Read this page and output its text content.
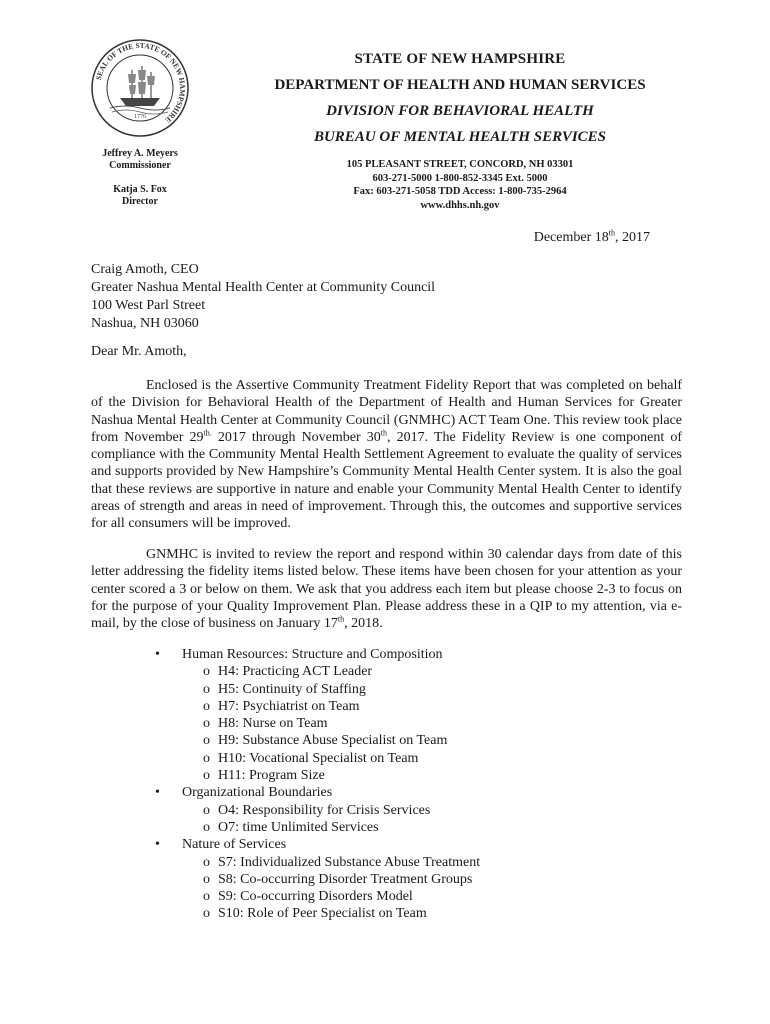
SEAL OF THE STATE OF NEW HAMPSHIRE
1776
Jeffrey A. Meyers
Commissioner
Katja S. Fox
Director
STATE OF NEW HAMPSHIRE
DEPARTMENT OF HEALTH AND HUMAN SERVICES
DIVISION FOR BEHAVIORAL HEALTH
BUREAU OF MENTAL HEALTH SERVICES
105 PLEASANT STREET, CONCORD, NH 03301
603-271-5000 1-800-852-3345 Ext. 5000
Fax: 603-271-5058 TDD Access: 1-800-735-2964
www.dhhs.nh.gov
December 18th, 2017
Craig Amoth, CEO
Greater Nashua Mental Health Center at Community Council
100 West Parl Street
Nashua, NH 03060
Dear Mr. Amoth,
Enclosed is the Assertive Community Treatment Fidelity Report that was completed on behalf of the Division for Behavioral Health of the Department of Health and Human Services for Greater Nashua Mental Health Center at Community Council (GNMHC) ACT Team One. This review took place from November $29^{th.}$ 2017 through November 30th, 2017. The Fidelity Review is one component of compliance with the Community Mental Health Settlement Agreement to evaluate the quality of services and supports provided by New Hampshire’s Community Mental Health Center system. It is also the goal that these reviews are supportive in nature and enable your Community Mental Health Center to identify areas of strength and areas in need of improvement. Through this, the outcomes and supportive services for all consumers will be improved.
GNMHC is invited to review the report and respond within 30 calendar days from date of this letter addressing the fidelity items listed below. These items have been chosen for your attention as your center scored a 3 or below on them. We ask that you address each item but please choose 2-3 to focus on for the purpose of your Quality Improvement Plan. Please address these in a QIP to my attention, via e-mail, by the close of business on January 17th, 2018.
• Human Resources: Structure and Composition
o H4: Practicing ACT Leader
o H5: Continuity of Staffing
o H7: Psychiatrist on Team
o H8: Nurse on Team
o H9: Substance Abuse Specialist on Team
o H10: Vocational Specialist on Team
o H11: Program Size
• Organizational Boundaries
o O4: Responsibility for Crisis Services
o O7: time Unlimited Services
• Nature of Services
o S7: Individualized Substance Abuse Treatment
o S8: Co-occurring Disorder Treatment Groups
o S9: Co-occurring Disorders Model
o S10: Role of Peer Specialist on Team
